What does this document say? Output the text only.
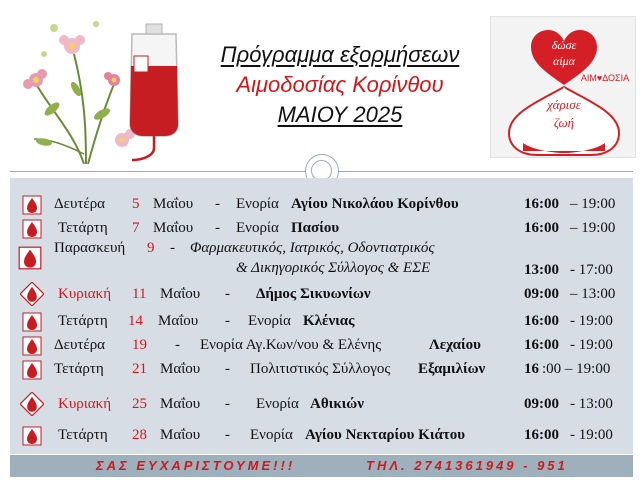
Πρόγραμμα εξορμήσεων
Αιμοδοσίας Κορίνθου
ΜΑΙΟΥ 2025
δώσε
αίμα
ΑΙΜ♥ΔΟΣΙΑ
χάρισε
ζωή
Δευτέρα 5 Μαΐου - Ενορία Αγίου Νικολάου Κορίνθου	16:00 – 19:00
Τετάρτη 7 Μαΐου - Ενορία Πασίου	16:00 – 19:00
Παρασκευή 9 - Φαρμακευτικός, Ιατρικός, Οδοντιατρικός
& Δικηγορικός Σύλλογος & ΕΣΕ	13:00 - 17:00
Κυριακή 11 Μαΐου - Δήμος Σικυωνίων	09:00 – 13:00
Τετάρτη 14 Μαΐου - Ενορία Κλένιας	16:00 - 19:00
Δευτέρα 19 - Ενορία Αγ.Κων/νου & Ελένης	Λεχαίου	16:00 - 19:00
Τετάρτη 21 Μαΐου - Πολιτιστικός Σύλλογος Εξαμιλίων	16 :00 – 19:00
Κυριακή 25 Μαΐου - Ενορία Αθικιών	09:00 - 13:00
Τετάρτη 28 Μαΐου - Ενορία Αγίου Νεκταρίου Κιάτου	16:00 - 19:00
ΣΑΣ ΕΥΧΑΡΙΣΤΟΥΜΕ!!!	ΤΗΛ. 2741361949 - 951
